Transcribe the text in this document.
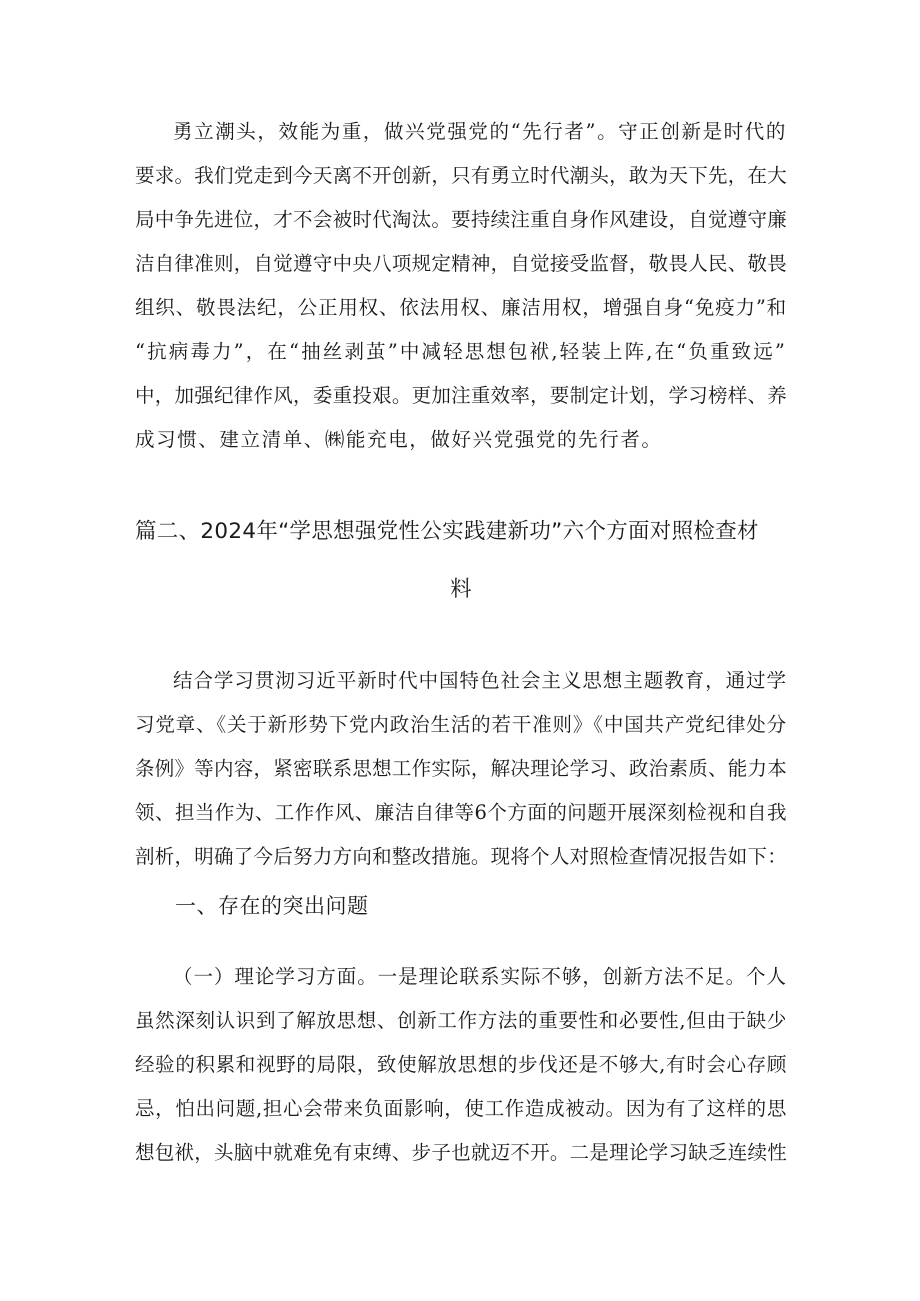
勇立潮头，效能为重，做兴党强党的“先行者”。守正创新是时代的
要求。我们党走到今天离不开创新，只有勇立时代潮头，敢为天下先，在大
局中争先进位，才不会被时代淘汰。要持续注重自身作风建设，自觉遵守廉
洁自律准则，自觉遵守中央八项规定精神，自觉接受监督，敬畏人民、敬畏
组织、敬畏法纪，公正用权、依法用权、廉洁用权，增强自身“免疫力”和
“抗病毒力”，在“抽丝剥茧”中减轻思想包袱,轻装上阵,在“负重致远”
中，加强纪律作风，委重投艰。更加注重效率，要制定计划，学习榜样、养
成习惯、建立清单、㈱能充电，做好兴党强党的先行者。
篇二、2024年“学思想强党性公实践建新功”六个方面对照检查材
料
结合学习贯沏习近平新时代中国特色社会主义思想主题教育，通过学
习党章、《关于新形势下党内政治生活的若干准则》《中国共产党纪律处分
条例》等内容，紧密联系思想工作实际，解决理论学习、政治素质、能力本
领、担当作为、工作作风、廉洁自律等6个方面的问题开展深刻检视和自我
剖析，明确了今后努力方向和整改措施。现将个人对照检查情况报告如下：
一、存在的突出问题
（一）理论学习方面。一是理论联系实际不够，创新方法不足。个人
虽然深刻认识到了解放思想、创新工作方法的重要性和必要性,但由于缺少
经验的积累和视野的局限，致使解放思想的步伐还是不够大,有时会心存顾
忌，怕出问题,担心会带来负面影响，使工作造成被动。因为有了这样的思
想包袱，头脑中就难免有束缚、步子也就迈不开。二是理论学习缺乏连续性
